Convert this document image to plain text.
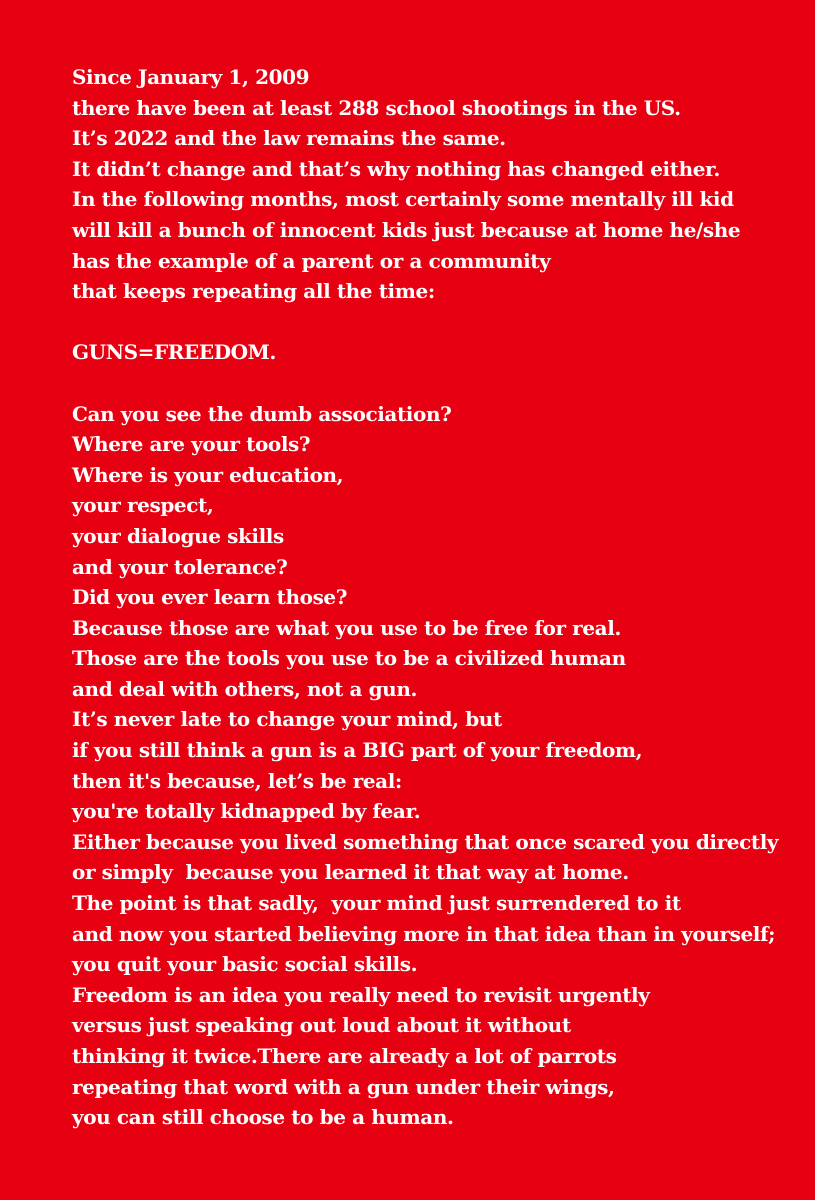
Since January 1, 2009
there have been at least 288 school shootings in the US.
It’s 2022 and the law remains the same.
It didn’t change and that’s why nothing has changed either.
In the following months, most certainly some mentally ill kid
will kill a bunch of innocent kids just because at home he/she
has the example of a parent or a community
that keeps repeating all the time:
GUNS=FREEDOM.
Can you see the dumb association?
Where are your tools?
Where is your education,
your respect,
your dialogue skills
and your tolerance?
Did you ever learn those?
Because those are what you use to be free for real.
Those are the tools you use to be a civilized human
and deal with others, not a gun.
It’s never late to change your mind, but
if you still think a gun is a BIG part of your freedom,
then it's because, let’s be real:
you're totally kidnapped by fear.
Either because you lived something that once scared you directly
or simply  because you learned it that way at home.
The point is that sadly,  your mind just surrendered to it
and now you started believing more in that idea than in yourself;
you quit your basic social skills.
Freedom is an idea you really need to revisit urgently
versus just speaking out loud about it without
thinking it twice.There are already a lot of parrots
repeating that word with a gun under their wings,
you can still choose to be a human.
